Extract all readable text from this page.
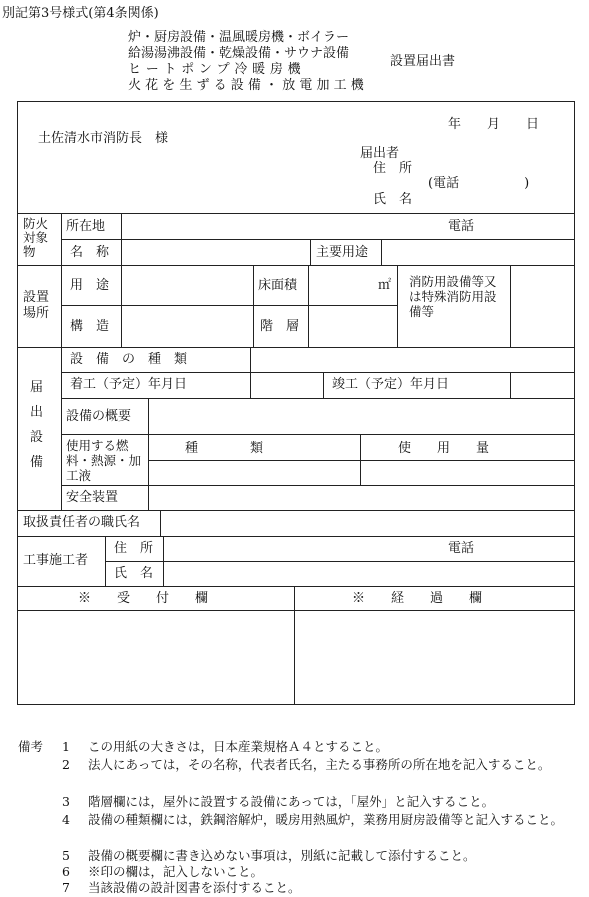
別記第3号様式(第4条関係)
炉・厨房設備・温風暖房機・ボイラー
給湯湯沸設備・乾燥設備・サウナ設備
ヒ ー ト ポ ン プ 冷 暖 房 機
火 花 を 生 ず る 設 備 ・ 放 電 加 工 機
設置届出書
年　　月　　日
土佐清水市消防長　様
届出者
住　所
(電話　　　　　)
氏　名
防火対象物
所在地	電話
名　称	主要用途
設置場所
用　途	床面積	㎡ 消防用設備等又は特殊消防用設備等
構　造	階　層
届出設備
設　備　の　種　類
着工（予定）年月日	竣工（予定）年月日
設備の概要
使用する燃料・熱源・加工液
種　　　　類	使　　用　　量
安全装置
取扱責任者の職氏名
工事施工者
住　所	電話
氏　名
※　　受　　付　　欄	※　　経　　過　　欄
備考 1 この用紙の大きさは，日本産業規格Ａ４とすること。
2	法人にあっては，その名称，代表者氏名，主たる事務所の所在地を記入すること。
3 階層欄には，屋外に設置する設備にあっては，「屋外」と記入すること。
4	設備の種類欄には，鉄鋼溶解炉，暖房用熱風炉，業務用厨房設備等と記入すること。
5 設備の概要欄に書き込めない事項は，別紙に記載して添付すること。
6 ※印の欄は，記入しないこと。
7 当該設備の設計図書を添付すること。
